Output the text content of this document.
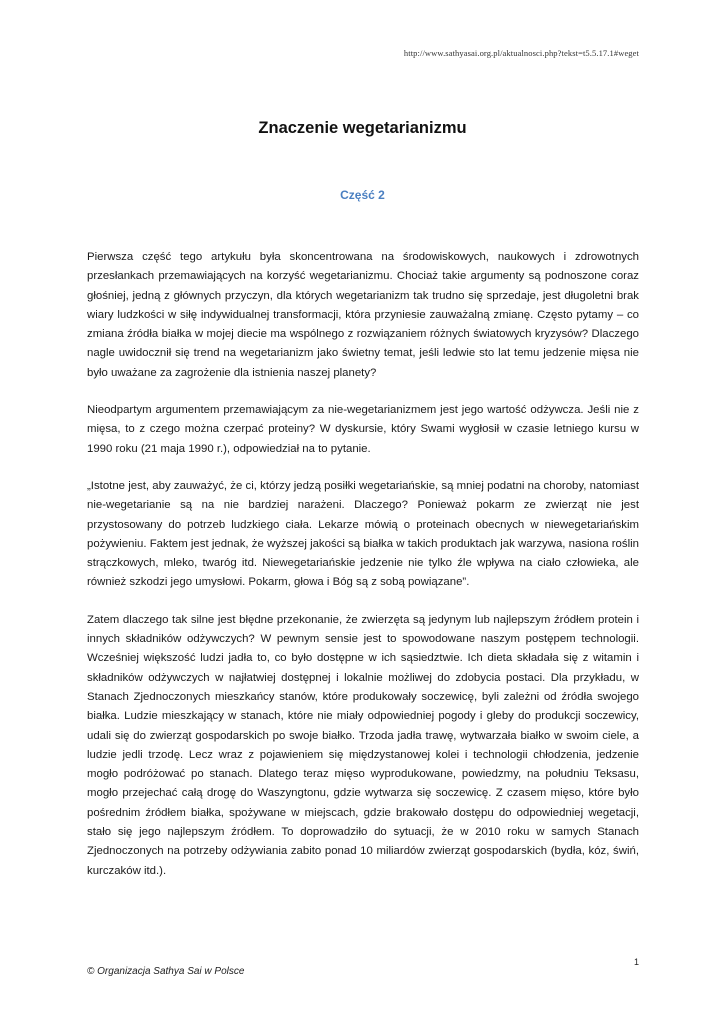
http://www.sathyasai.org.pl/aktualnosci.php?tekst=t5.5.17.1#weget
Znaczenie wegetarianizmu
Część 2

Pierwsza część tego artykułu była skoncentrowana na środowiskowych, naukowych i zdrowotnych przesłankach przemawiających na korzyść wegetarianizmu. Chociaż takie argumenty są podnoszone coraz głośniej, jedną z głównych przyczyn, dla których wegetarianizm tak trudno się sprzedaje, jest długoletni brak wiary ludzkości w siłę indywidualnej transformacji, która przyniesie zauważalną zmianę. Często pytamy – co zmiana źródła białka w mojej diecie ma wspólnego z rozwiązaniem różnych światowych kryzysów? Dlaczego nagle uwidocznił się trend na wegetarianizm jako świetny temat, jeśli ledwie sto lat temu jedzenie mięsa nie było uważane za zagrożenie dla istnienia naszej planety?

Nieodpartym argumentem przemawiającym za nie-wegetarianizmem jest jego wartość odżywcza. Jeśli nie z mięsa, to z czego można czerpać proteiny? W dyskursie, który Swami wygłosił w czasie letniego kursu w 1990 roku (21 maja 1990 r.), odpowiedział na to pytanie.

„Istotne jest, aby zauważyć, że ci, którzy jedzą posiłki wegetariańskie, są mniej podatni na choroby, natomiast nie-wegetarianie są na nie bardziej narażeni. Dlaczego? Ponieważ pokarm ze zwierząt nie jest przystosowany do potrzeb ludzkiego ciała. Lekarze mówią o proteinach obecnych w niewegetariańskim pożywieniu. Faktem jest jednak, że wyższej jakości są białka w takich produktach jak warzywa, nasiona roślin strączkowych, mleko, twaróg itd. Niewegetariańskie jedzenie nie tylko źle wpływa na ciało człowieka, ale również szkodzi jego umysłowi. Pokarm, głowa i Bóg są z sobą powiązane”.

Zatem dlaczego tak silne jest błędne przekonanie, że zwierzęta są jedynym lub najlepszym źródłem protein i innych składników odżywczych? W pewnym sensie jest to spowodowane naszym postępem technologii. Wcześniej większość ludzi jadła to, co było dostępne w ich sąsiedztwie. Ich dieta składała się z witamin i składników odżywczych w najłatwiej dostępnej i lokalnie możliwej do zdobycia postaci. Dla przykładu, w Stanach Zjednoczonych mieszkańcy stanów, które produkowały soczewicę, byli zależni od źródła swojego białka. Ludzie mieszkający w stanach, które nie miały odpowiedniej pogody i gleby do produkcji soczewicy, udali się do zwierząt gospodarskich po swoje białko. Trzoda jadła trawę, wytwarzała białko w swoim ciele, a ludzie jedli trzodę. Lecz wraz z pojawieniem się międzystanowej kolei i technologii chłodzenia, jedzenie mogło podróżować po stanach. Dlatego teraz mięso wyprodukowane, powiedzmy, na południu Teksasu, mogło przejechać całą drogę do Waszyngtonu, gdzie wytwarza się soczewicę. Z czasem mięso, które było pośrednim źródłem białka, spożywane w miejscach, gdzie brakowało dostępu do odpowiedniej wegetacji, stało się jego najlepszym źródłem. To doprowadziło do sytuacji, że w 2010 roku w samych Stanach Zjednoczonych na potrzeby odżywiania zabito ponad 10 miliardów zwierząt gospodarskich (bydła, kóz, świń, kurczaków itd.).

1
© Organizacja Sathya Sai w Polsce
